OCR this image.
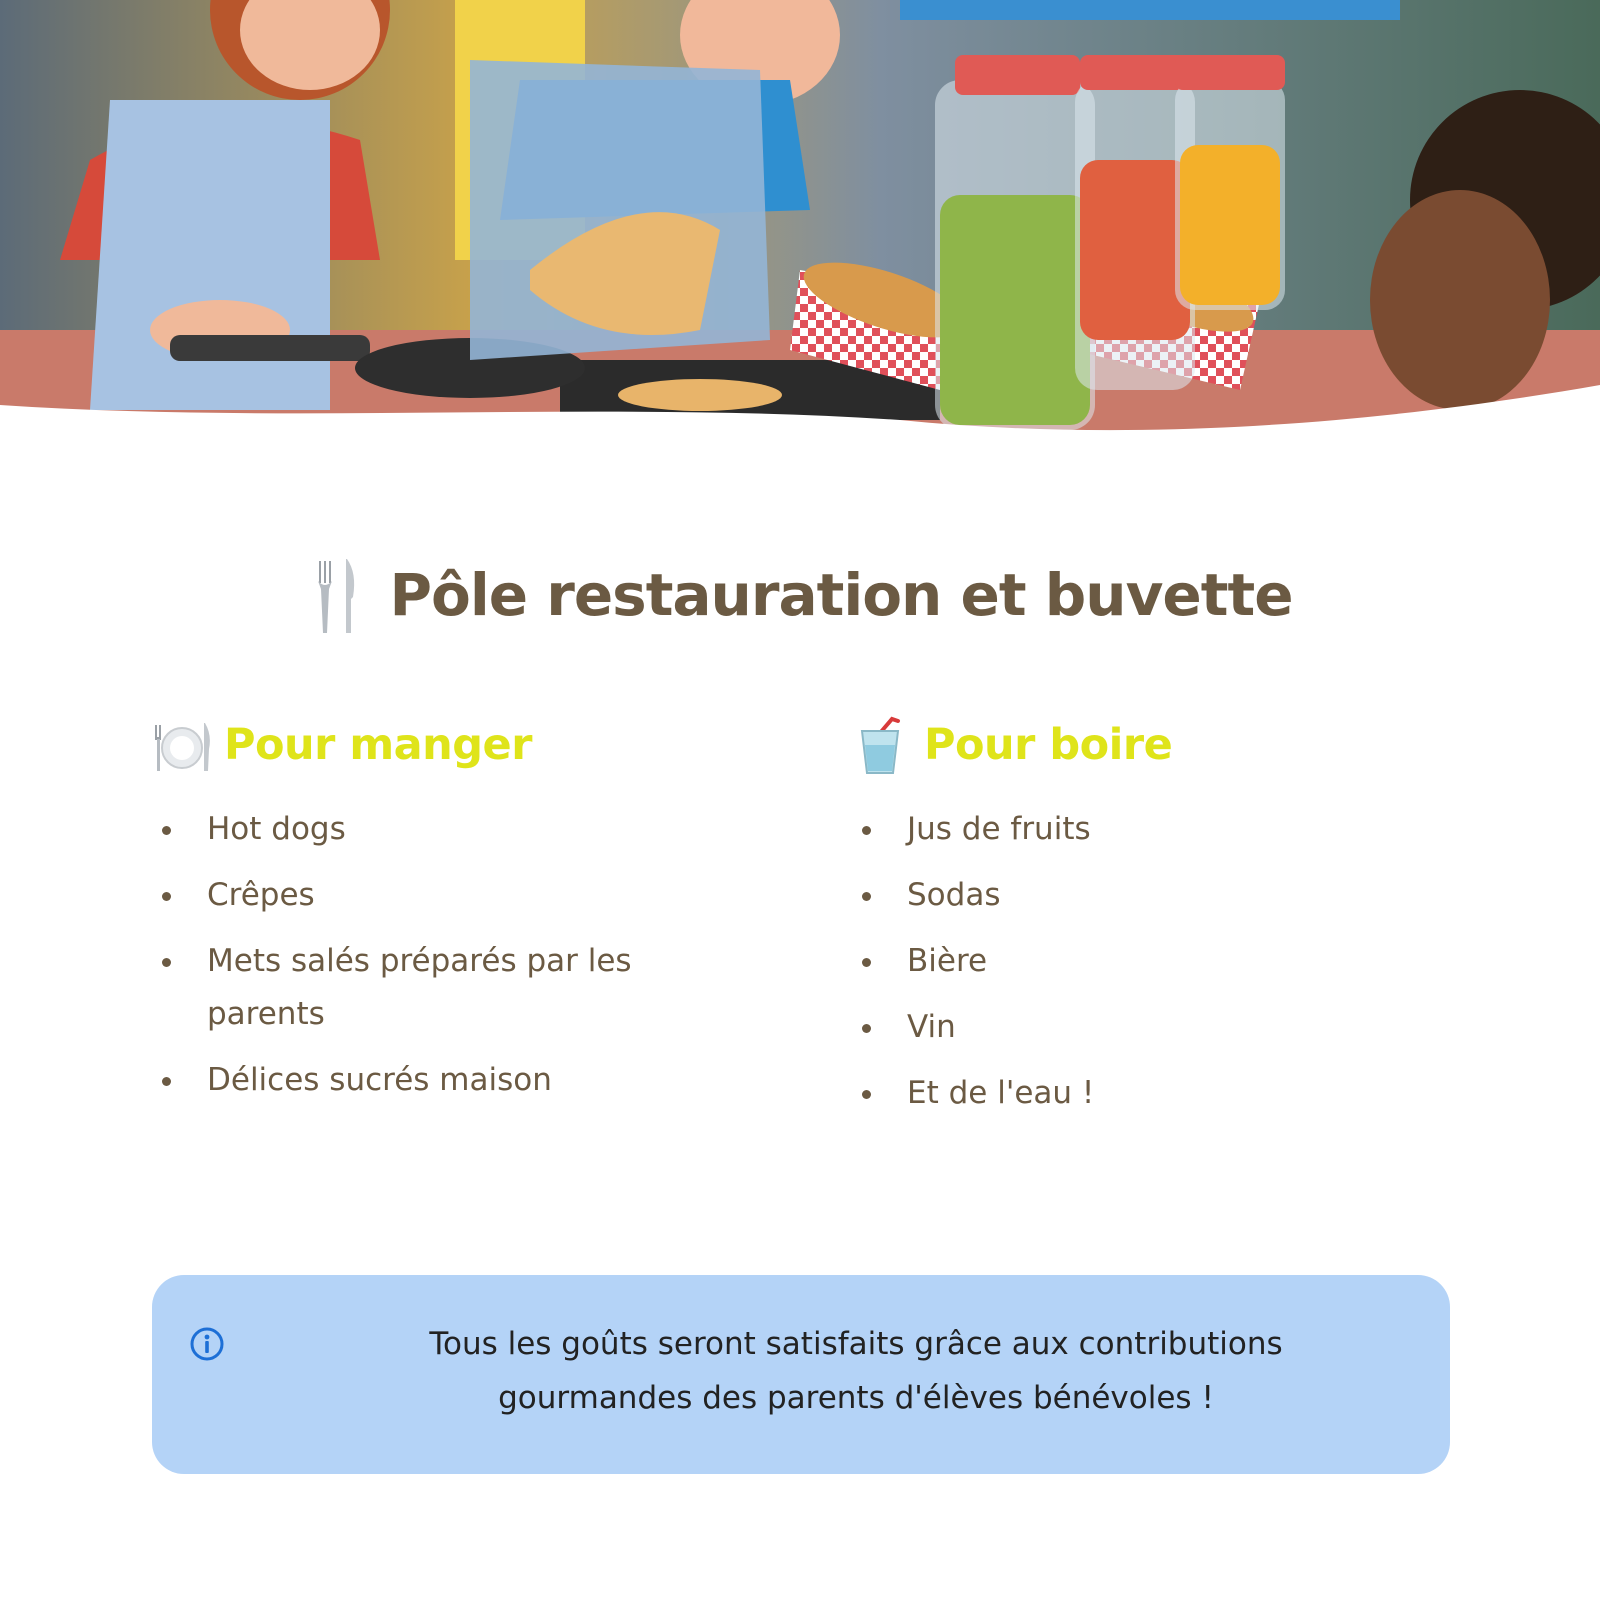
Pôle restauration et buvette
Pour manger
Hot dogs
Crêpes
Mets salés préparés par les parents
Délices sucrés maison
Pour boire
Jus de fruits
Sodas
Bière
Vin
Et de l'eau !
Tous les goûts seront satisfaits grâce aux contributions gourmandes des parents d'élèves bénévoles !
